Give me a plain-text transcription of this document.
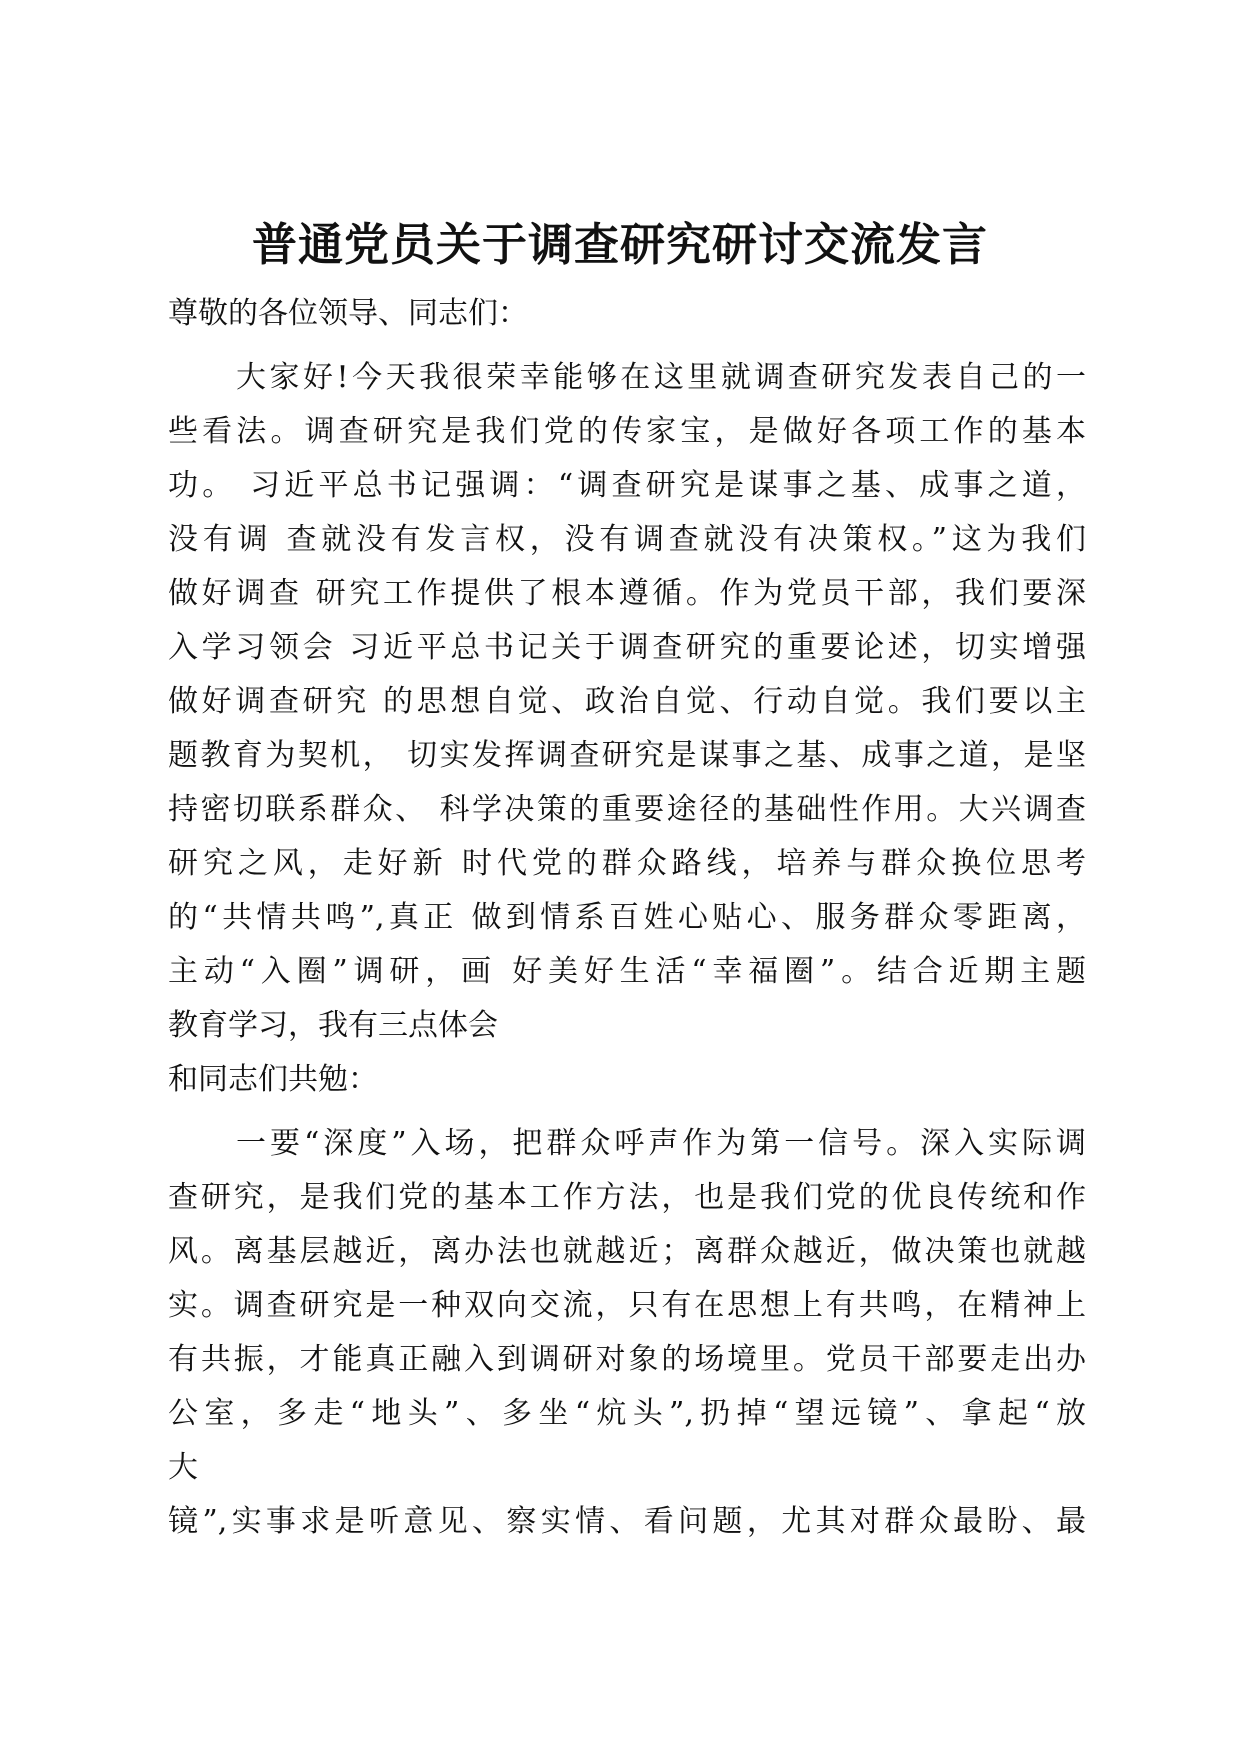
普通党员关于调查研究研讨交流发言
尊敬的各位领导、同志们：
大家好!今天我很荣幸能够在这里就调查研究发表自己的一
些看法。调查研究是我们党的传家宝，是做好各项工作的基本
功。 习近平总书记强调：“调查研究是谋事之基、成事之道，
没有调 查就没有发言权，没有调查就没有决策权。”这为我们
做好调查 研究工作提供了根本遵循。作为党员干部，我们要深
入学习领会 习近平总书记关于调查研究的重要论述，切实增强
做好调查研究 的思想自觉、政治自觉、行动自觉。我们要以主
题教育为契机， 切实发挥调查研究是谋事之基、成事之道，是坚
持密切联系群众、 科学决策的重要途径的基础性作用。大兴调查
研究之风，走好新 时代党的群众路线，培养与群众换位思考
的“共情共鸣”,真正 做到情系百姓心贴心、服务群众零距离，
主动“入圈”调研，画 好美好生活“幸福圈”。结合近期主题
教育学习，我有三点体会
和同志们共勉：
一要“深度”入场，把群众呼声作为第一信号。深入实际调
查研究，是我们党的基本工作方法，也是我们党的优良传统和作
风。离基层越近，离办法也就越近；离群众越近，做决策也就越
实。调查研究是一种双向交流，只有在思想上有共鸣，在精神上
有共振，才能真正融入到调研对象的场境里。党员干部要走出办
公室，多走“地头”、多坐“炕头”,扔掉“望远镜”、拿起“放
大
镜”,实事求是听意见、察实情、看问题，尤其对群众最盼、最
